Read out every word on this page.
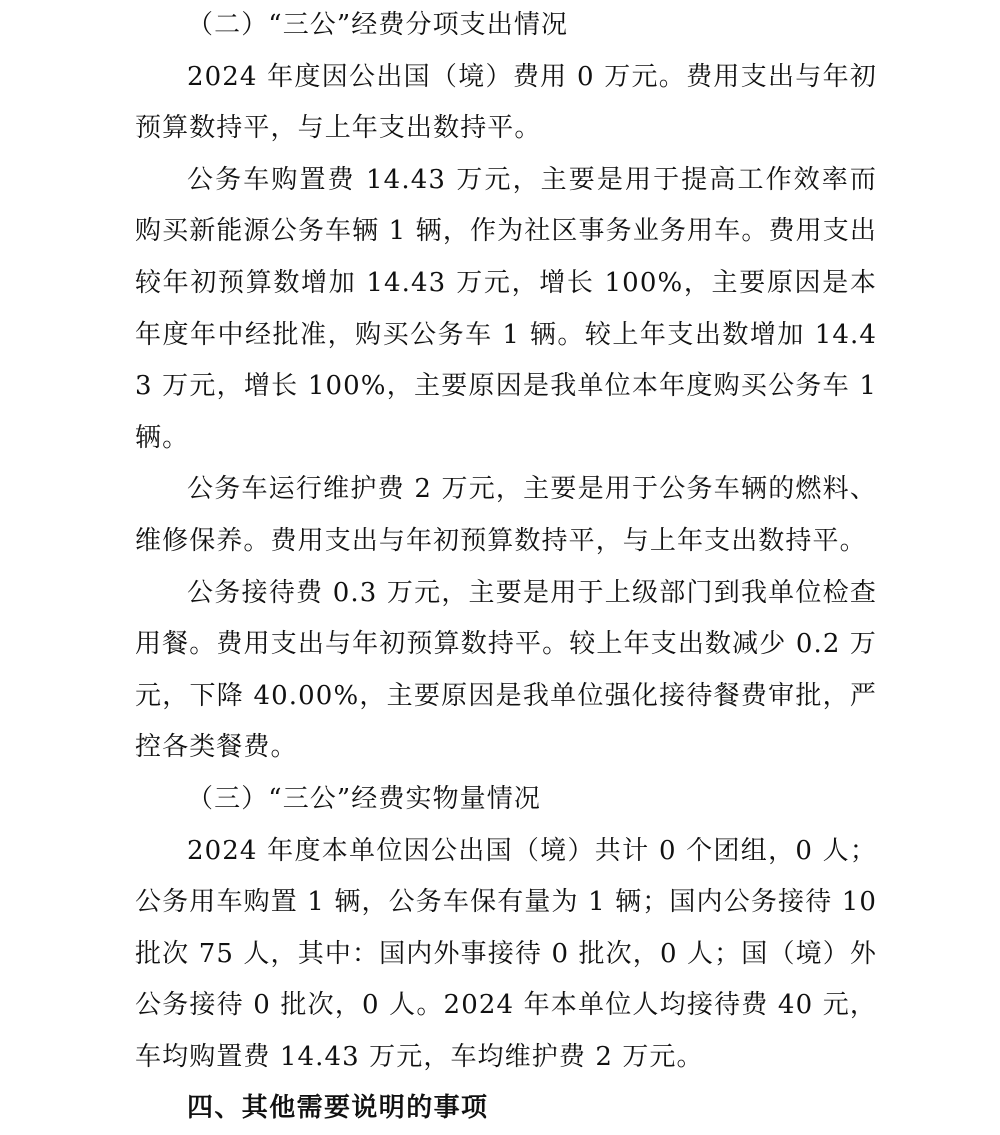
（二）“三公”经费分项支出情况

2024 年度因公出国（境）费用 0 万元。费用支出与年初预算数持平，与上年支出数持平。

公务车购置费 14.43 万元，主要是用于提高工作效率而购买新能源公务车辆 1 辆，作为社区事务业务用车。费用支出较年初预算数增加 14.43 万元，增长 100%，主要原因是本年度年中经批准，购买公务车 1 辆。较上年支出数增加 14.43 万元，增长 100%，主要原因是我单位本年度购买公务车 1 辆。

公务车运行维护费 2 万元，主要是用于公务车辆的燃料、维修保养。费用支出与年初预算数持平，与上年支出数持平。

公务接待费 0.3 万元，主要是用于上级部门到我单位检查用餐。费用支出与年初预算数持平。较上年支出数减少 0.2 万元，下降 40.00%，主要原因是我单位强化接待餐费审批，严控各类餐费。

（三）“三公”经费实物量情况

2024 年度本单位因公出国（境）共计 0 个团组，0 人；公务用车购置 1 辆，公务车保有量为 1 辆；国内公务接待 10 批次 75 人，其中：国内外事接待 0 批次，0 人；国（境）外公务接待 0 批次，0 人。2024 年本单位人均接待费 40 元，车均购置费 14.43 万元，车均维护费 2 万元。

四、其他需要说明的事项
